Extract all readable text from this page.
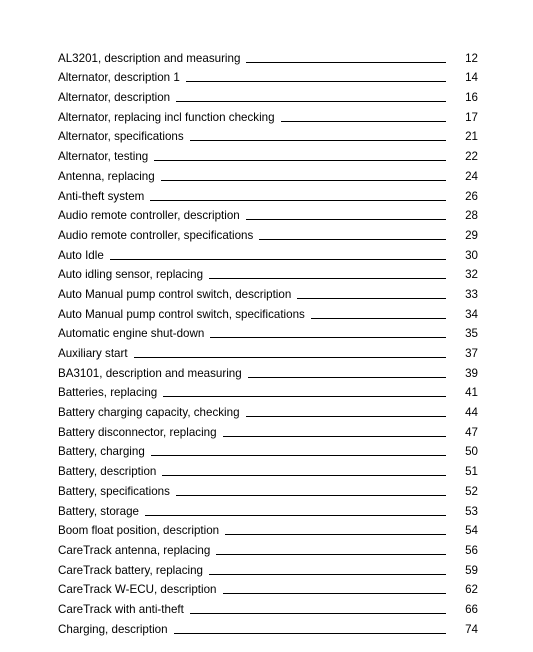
AL3201, description and measuring	12
Alternator, description 1	14
Alternator, description	16
Alternator, replacing incl function checking	17
Alternator, specifications	21
Alternator, testing	22
Antenna, replacing	24
Anti-theft system	26
Audio remote controller, description	28
Audio remote controller, specifications	29
Auto Idle	30
Auto idling sensor, replacing	32
Auto Manual pump control switch, description	33
Auto Manual pump control switch, specifications	34
Automatic engine shut-down	35
Auxiliary start	37
BA3101, description and measuring	39
Batteries, replacing	41
Battery charging capacity, checking	44
Battery disconnector, replacing	47
Battery, charging	50
Battery, description	51
Battery, specifications	52
Battery, storage	53
Boom float position, description	54
CareTrack antenna, replacing	56
CareTrack battery, replacing	59
CareTrack W-ECU, description	62
CareTrack with anti-theft	66
Charging, description	74
